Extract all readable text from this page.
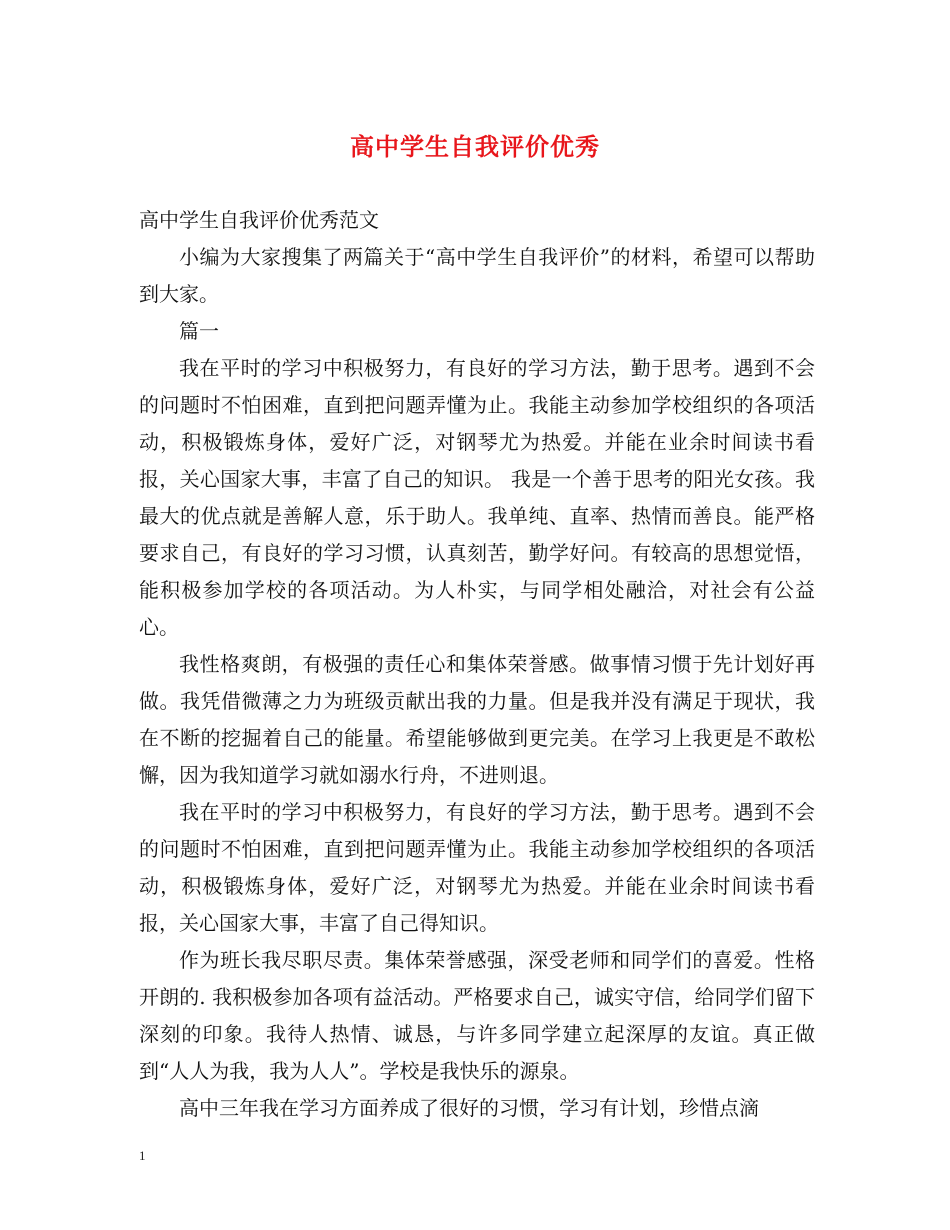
高中学生自我评价优秀

高中学生自我评价优秀范文

小编为大家搜集了两篇关于“高中学生自我评价”的材料，希望可以帮助到大家。

篇一

我在平时的学习中积极努力，有良好的学习方法，勤于思考。遇到不会的问题时不怕困难，直到把问题弄懂为止。我能主动参加学校组织的各项活动，积极锻炼身体，爱好广泛，对钢琴尤为热爱。并能在业余时间读书看报，关心国家大事，丰富了自己的知识。 我是一个善于思考的阳光女孩。我最大的优点就是善解人意，乐于助人。我单纯、直率、热情而善良。能严格要求自己，有良好的学习习惯，认真刻苦，勤学好问。有较高的思想觉悟，能积极参加学校的各项活动。为人朴实，与同学相处融洽，对社会有公益心。

我性格爽朗，有极强的责任心和集体荣誉感。做事情习惯于先计划好再做。我凭借微薄之力为班级贡献出我的力量。但是我并没有满足于现状，我在不断的挖掘着自己的能量。希望能够做到更完美。在学习上我更是不敢松懈，因为我知道学习就如溺水行舟，不进则退。

我在平时的学习中积极努力，有良好的学习方法，勤于思考。遇到不会的问题时不怕困难，直到把问题弄懂为止。我能主动参加学校组织的各项活动，积极锻炼身体，爱好广泛，对钢琴尤为热爱。并能在业余时间读书看报，关心国家大事，丰富了自己得知识。

作为班长我尽职尽责。集体荣誉感强，深受老师和同学们的喜爱。性格开朗的. 我积极参加各项有益活动。严格要求自己，诚实守信，给同学们留下深刻的印象。我待人热情、诚恳，与许多同学建立起深厚的友谊。真正做到“人人为我，我为人人”。学校是我快乐的源泉。

高中三年我在学习方面养成了很好的习惯，学习有计划，珍惜点滴

1
